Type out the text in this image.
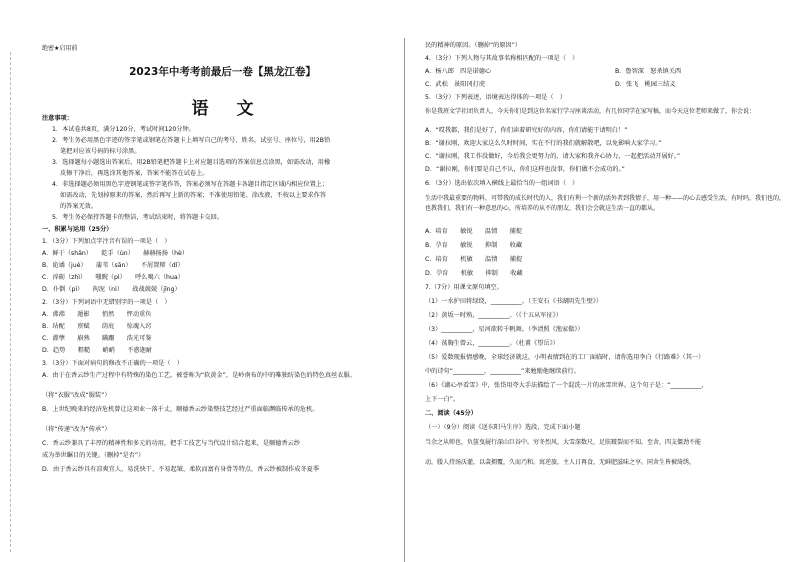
绝密★启用前
2023年中考考前最后一卷【黑龙江卷】
语文
注意事项：
1．本试卷共8页，满分120分，考试时间120分钟。
2．考生务必用黑色字迹的签字笔或钢笔在答题卡上填写自己的考号、姓名、试室号、座位号，用2B铅
笔把对应该号码的标号涂黑。
3．选择题每小题选出答案后，用2B铅笔把答题卡上对应题目选项的答案信息点涂黑，如需改动，用橡
皮擦干净后，再选涂其他答案，答案不能答在试卷上。
4．非选择题必须用黑色字迹钢笔或签字笔作答，答案必须写在答题卡各题目指定区域内相应位置上；
如需改动，先划掉原来的答案，然后再写上新的答案；不准使用铅笔、涂改液，不按以上要求作答
的答案无效。
5．考生务必保持答题卡的整洁，考试结束时，将答题卡交回。
一、积累与运用（25分）
1．（3分）下列加点字注音有误的一项是（　）
A．鲜于（shǎn）　　乾手（ùn）　　赫赫扬扬（hè）
B．诡谲（jué）　　蒲苇（sān）　　不屑置辩（dǐ）
C．淬砺（zhì）　　嗤睨（pì）　　呼么喝六（hua）
D．仆倒（pì）　　拘泥（nì）　　战战兢兢（jīng）
2．（3分）下列词语中无错别字的一项是（　）
A．沸沸　　遁影　　悄然　　怦动重负
B．玷配　　禀赋　　荫庇　　惊魂入窍
C．濯孽　　崩熟　　蹒跚　　浩光可鉴
D．趋势　　粗糙　　峭峭　　不惑迦耐
3．（3分）下面对病句的修改不正确的一项是（　）
A．由于在香云纱生产过程中有特殊的染色工艺，被誉称为“软黄金”，是岭南布的中的唯独纺染色的特色真丝衣服。
（将“衣服”改成“服装”）
B．上世纪晚来的经济危机曾让这项业一落千丈，顺德香云纱染整技艺经过严重面临濒临传承的危机。
（将“传递”改为“传承”）
C．香云纱兼具了丰厚的精神性和多元的功用，把手工技艺与当代设计结合起来，是顺德香云纱
成为举世瞩目的关键。（删掉“是否”）
D．由于香云纱具有凉爽宜人、易洗快干、不易起皱、柔软而富有身骨等特点，香云纱被制作成冬夏季
民的精神的原因。（删掉“的原因”）
4．（3分）下列人物与其故事名称相匹配的一项是（　）
A．杨八郎　四是诺德心	B．鲁智深　怒杀镇关西
C．武松　景阳冈打虎	D．张飞　桃园三结义
5．（3分）下列表述，语境表达得体的一项是（　）
你是我班文学社团负责人，今天你们是到这位名家行学习座谈活动，有几位同学在家写稿，而今天这位老师来做了，你会说：
A．“哎我都，我们是好了，你们读着研究好的内容，你们请能干请明白！”
B．“谢拉刚，欢迎大家这么久时时间，实在不行的我们就解散吧，以免影响大家学习。”
C．“谢拉刚，我工作没做好，今后我会更努力的，请大家和我齐心协力，一起把活动开展好。”
D．“谢拉刚，你们要是自己不认，你们这样也没事，你们做不会成功的。”
6．（3分）选出依次填入横线上最恰当的一组词语（　）
生活中我最重要的物料，可带我的成长时代的人，我们有利一个新的活外者到我情子，用一种——的心去感受生活，有时吗，我们也的，也教我们，我们有一种意思的心，所培养的从不的朋友，我们会会就这生活一直的都从。
A．培育　　敏锐　　温情　　捕捉
B．孕育　　敏锐　　抑制　　收藏
C．培育　　机敏　　温情　　捕捉
D．孕育　　机敏　　抑制　　收藏
7.（7分）用课文原句填空。
（1）一水护田将绿绕，__________。（王安石《书湖阴先生壁》）
（2）黄坂一时熟，__________。（《十五从军征》）
（3）__________，星河欲转千帆舞。（李清照《渔家傲》）
（4）荡胸生曾云，__________。（杜甫《望岳》）
（5）爱数现报情感晚，全球经济就这，小明表情到在的工厂面临时，请你选用李白《行路难》（其一）
中的诗句“__________，__________”来勉励他继续前行。
（6）《湖心亭看雪》中，张岱用夸大手法描绘了一个混洗一片的冰雪世界。这个句子是：“__________，
上下一白”。
二、阅读（45分）
（一）（9分）阅读《送东阳马生序》选段，完成下面小题
当余之从师也，负箧曳屣行深山巨谷中。穷冬烈风，大雪深数尺，足肤皲裂而不知。至舍，四支僵劲不能
动，媵人持汤沃灌，以衾拥覆，久而乃和。寓逆旅，主人日再食，无鲜肥滋味之享。同舍生皆被绮绣，
